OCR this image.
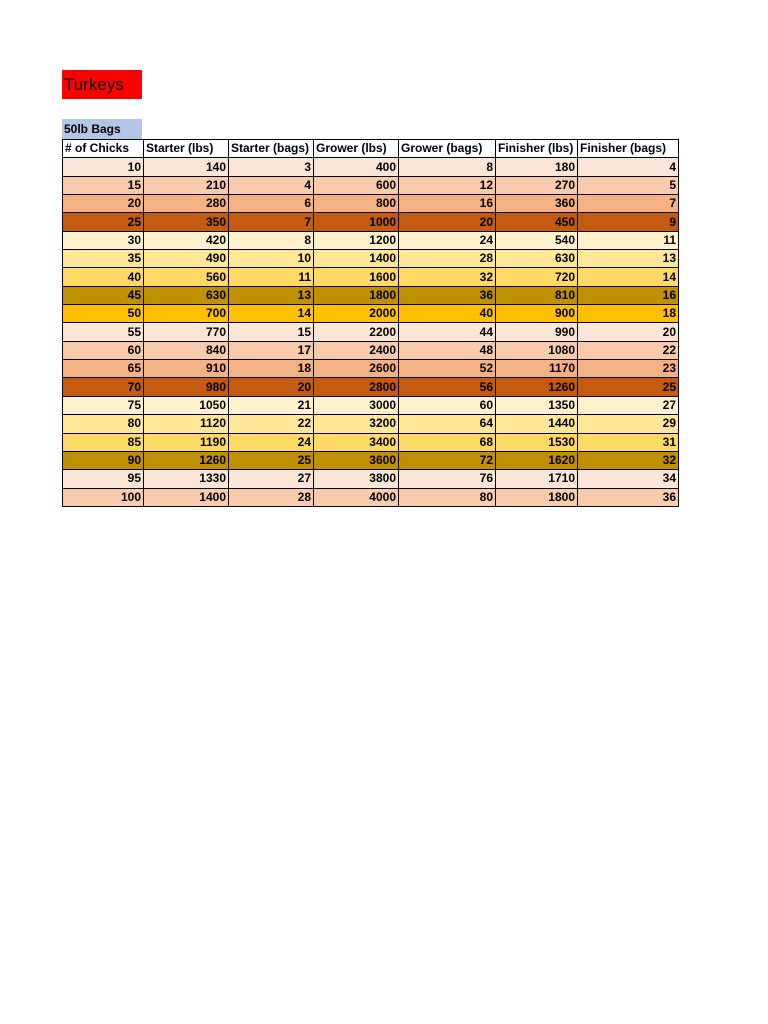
Turkeys
50lb Bags
# of Chicks	Starter (lbs)	Starter (bags)	Grower (lbs)	Grower (bags)	Finisher (lbs)	Finisher (bags)
10	140	3	400	8	180	4
15	210	4	600	12	270	5
20	280	6	800	16	360	7
25	350	7	1000	20	450	9
30	420	8	1200	24	540	11
35	490	10	1400	28	630	13
40	560	11	1600	32	720	14
45	630	13	1800	36	810	16
50	700	14	2000	40	900	18
55	770	15	2200	44	990	20
60	840	17	2400	48	1080	22
65	910	18	2600	52	1170	23
70	980	20	2800	56	1260	25
75	1050	21	3000	60	1350	27
80	1120	22	3200	64	1440	29
85	1190	24	3400	68	1530	31
90	1260	25	3600	72	1620	32
95	1330	27	3800	76	1710	34
100	1400	28	4000	80	1800	36
